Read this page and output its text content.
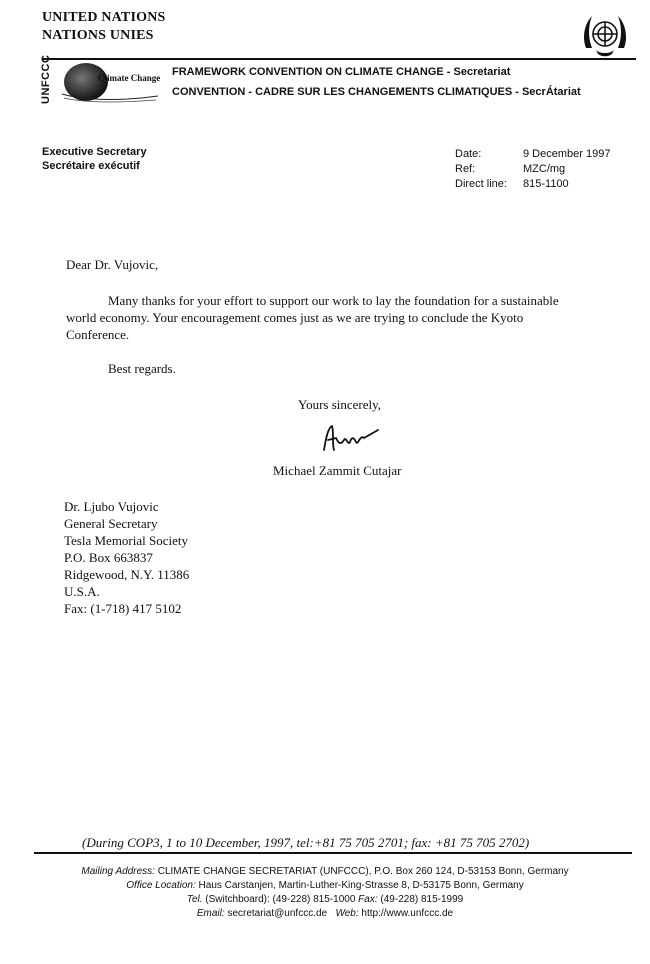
UNITED NATIONS
NATIONS UNIES
UNFCCC	Climate Change FRAMEWORK CONVENTION ON CLIMATE CHANGE - Secretariat
CONVENTION - CADRE SUR LES CHANGEMENTS CLIMATIQUES - SecrÁtariat
Executive Secretary
Secrétaire exécutif
Date:	9 December 1997
Ref:	MZC/mg
Direct line: 815-1100
Dear Dr. Vujovic,
Many thanks for your effort to support our work to lay the foundation for a sustainable
world economy. Your encouragement comes just as we are trying to conclude the Kyoto
Conference.
Best regards.
Yours sincerely,
Michael Zammit Cutajar
Dr. Ljubo Vujovic
General Secretary
Tesla Memorial Society
P.O. Box 663837
Ridgewood, N.Y. 11386
U.S.A.
Fax: (1-718) 417 5102
(During COP3, 1 to 10 December, 1997, tel:+81 75 705 2701; fax: +81 75 705 2702)
Mailing Address: CLIMATE CHANGE SECRETARIAT (UNFCCC), P.O. Box 260 124, D-53153 Bonn, Germany
Office Location: Haus Carstanjen, Martin-Luther-King-Strasse 8, D-53175 Bonn, Germany
Tel. (Switchboard): (49-228) 815-1000 Fax: (49-228) 815-1999
Email: secretariat@unfccc.de Web: http://www.unfccc.de
